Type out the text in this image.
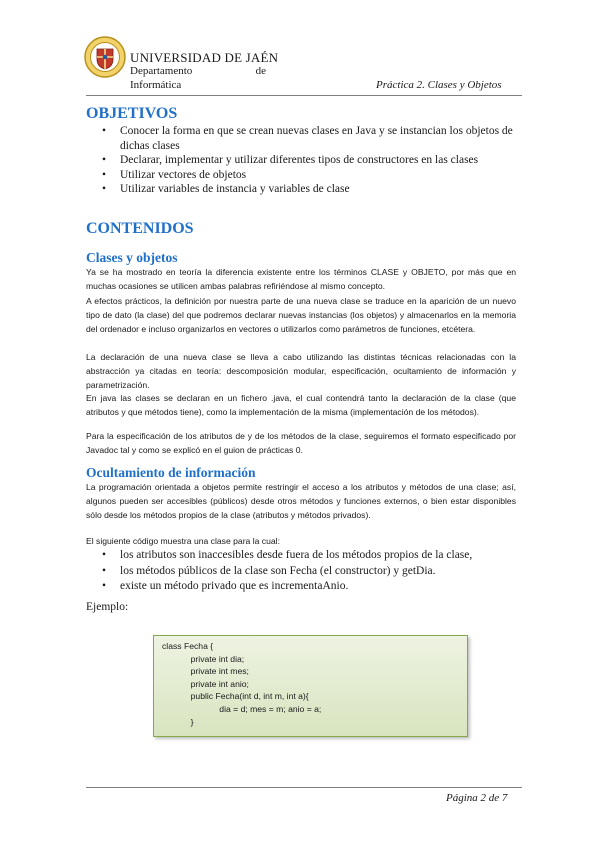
UNIVERSIDAD DE JAÉN
Departamento	de
Informática	Práctica 2. Clases y Objetos
OBJETIVOS
• Conocer la forma en que se crean nuevas clases en Java y se instancian los objetos de dichas clases
• Declarar, implementar y utilizar diferentes tipos de constructores en las clases
• Utilizar vectores de objetos
• Utilizar variables de instancia y variables de clase
CONTENIDOS
Clases y objetos
Ya se ha mostrado en teoría la diferencia existente entre los términos CLASE y OBJETO, por más que en muchas ocasiones se utilicen ambas palabras refiriéndose al mismo concepto.
A efectos prácticos, la definición por nuestra parte de una nueva clase se traduce en la aparición de un nuevo tipo de dato (la clase) del que podremos declarar nuevas instancias (los objetos) y almacenarlos en la memoria del ordenador e incluso organizarlos en vectores o utilizarlos como parámetros de funciones, etcétera.
La declaración de una nueva clase se lleva a cabo utilizando las distintas técnicas relacionadas con la abstracción ya citadas en teoría: descomposición modular, especificación, ocultamiento de información y parametrización.
En java las clases se declaran en un fichero .java, el cual contendrá tanto la declaración de la clase (que atributos y que métodos tiene), como la implementación de la misma (implementación de los métodos).
Para la especificación de los atributos de y de los métodos de la clase, seguiremos el formato especificado por Javadoc tal y como se explicó en el guion de prácticas 0.
Ocultamiento de información
La programación orientada a objetos permite restringir el acceso a los atributos y métodos de una clase; así, algunos pueden ser accesibles (públicos) desde otros métodos y funciones externos, o bien estar disponibles sólo desde los métodos propios de la clase (atributos y métodos privados).
El siguiente código muestra una clase para la cual:
• los atributos son inaccesibles desde fuera de los métodos propios de la clase,
• los métodos públicos de la clase son Fecha (el constructor) y getDia.
• existe un método privado que es incrementaAnio.
Ejemplo:
class Fecha {
private int dia;
private int mes;
private int anio;
public Fecha(int d, int m, int a){
dia = d; mes = m; anio = a;
}
Página 2 de 7
